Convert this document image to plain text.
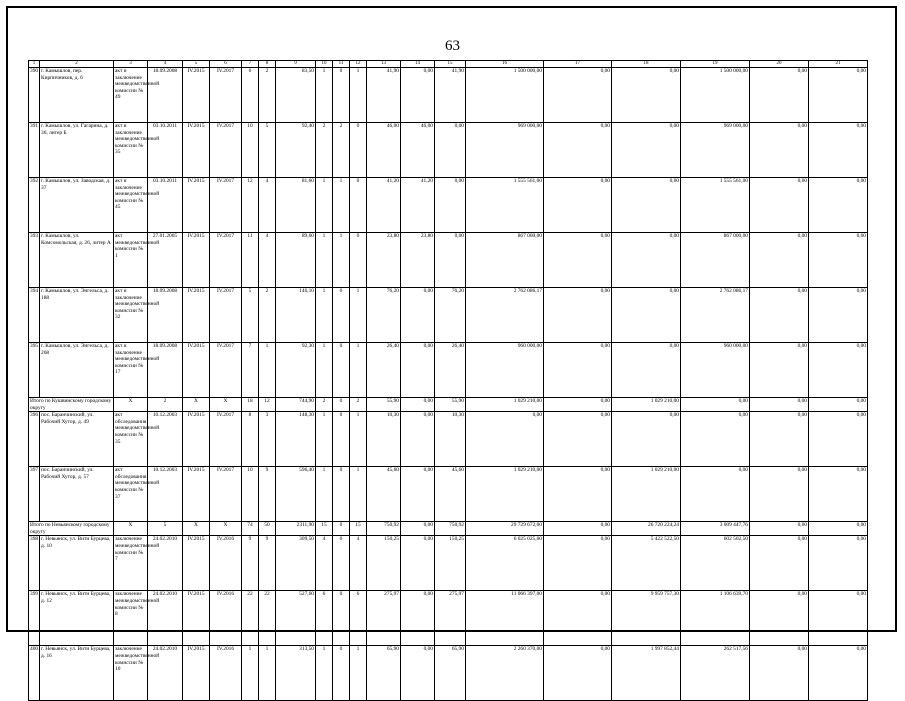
63
1	2	3	4	5	6	7	8	9	10	11	12	13	14	15	16	17	18	19	20	21
390	г. Камышлов, пер. Кирпичников, д. 6	акт и заключение межведомственной комиссии № 49	18.09.2008	IV.2015	IV.2017	6	2	83,50	1	0	1	41,90	0,00	41,90	1 500 000,00	0,00	0,00	1 500 000,00	0,00	0,00
391	г. Камышлов, ул. Гагарина, д. 36, литер Б	акт и заключение межведомственной комиссии № 35	03.10.2011	IV.2015	IV.2017	10	5	92,40	2	2	0	46,00	46,00	0,00	969 000,00	0,00	0,00	969 000,00	0,00	0,00
392	г. Камышлов, ул. Заводская, д. 37	акт и заключение межведомственной комиссии № 45	03.10.2011	IV.2015	IV.2017	12	4	81,60	1	1	0	41,20	41,20	0,00	1 555 561,00	0,00	0,00	1 555 561,00	0,00	0,00
393	г. Камышлов, ул. Комсомольская, д. 26, литер А	акт межведомственной комиссии № 1	27.01.2005	IV.2015	IV.2017	11	4	89,60	1	1	0	23,80	23,80	0,00	867 000,00	0,00	0,00	867 000,00	0,00	0,00
394	г. Камышлов, ул. Энгельса, д. 188	акт и заключение межведомственной комиссии № 32	18.09.2008	IV.2015	IV.2017	5	2	146,10	1	0	1	76,20	0,00	76,20	2 762 086,17	0,00	0,00	2 762 086,17	0,00	0,00
395	г. Камышлов, ул. Энгельса, д. 268	акт и заключение межведомственной комиссии № 17	18.09.2008	IV.2015	IV.2017	7	1	92,30	1	0	1	26,40	0,00	26,40	960 000,00	0,00	0,00	960 000,00	0,00	0,00
Итого по Кушвинскому городскому округу		X	2	X	X	18	12	744,90	2	0	2	55,90	0,00	55,90	1 029 210,00	0,00	1 029 210,00	0,00	0,00	0,00
396	пос. Баранчинский, ул. Рабочий Хутор, д. 49	акт обследования межведомственной комиссии № 35	10.12.2003	IV.2015	IV.2017	8	3	148,30	1	0	1	10,30	0,00	10,30	0,00	0,00	0,00	0,00	0,00	0,00
397	пос. Баранчинский, ул. Рабочий Хутор, д. 57	акт обследования межведомственной комиссии № 37	10.12.2003	IV.2015	IV.2017	10	9	596,40	1	0	1	45,60	0,00	45,60	1 029 210,00	0,00	1 029 210,00	0,00	0,00	0,00
Итого по Невьянскому городскому округу		X	5	X	X	74	50	2311,90	15	0	15	750,92	0,00	750,92	29 729 672,00	0,00	26 720 224,24	3 009 447,76	0,00	0,00
398	г. Невьянск, ул. Вити Бурцева, д. 10	заключение межведомственной комиссии № 7	24.02.2010	IV.2015	IV.2016	9	9	309,50	4	0	4	150,25	0,00	150,25	6 025 025,00	0,00	5 422 522,50	602 502,50	0,00	0,00
399	г. Невьянск, ул. Вити Бурцева, д. 12	заключение межведомственной комиссии № 8	24.02.2010	IV.2015	IV.2016	22	22	527,60	6	0	6	275,97	0,00	275,97	11 066 397,00	0,00	9 959 757,30	1 106 639,70	0,00	0,00
400	г. Невьянск, ул. Вити Бурцева, д. 16	заключение межведомственной комиссии № 10	24.02.2010	IV.2015	IV.2016	1	1	313,50	1	0	1	65,90	0,00	65,90	2 260 370,00	0,00	1 997 852,44	262 517,56	0,00	0,00
